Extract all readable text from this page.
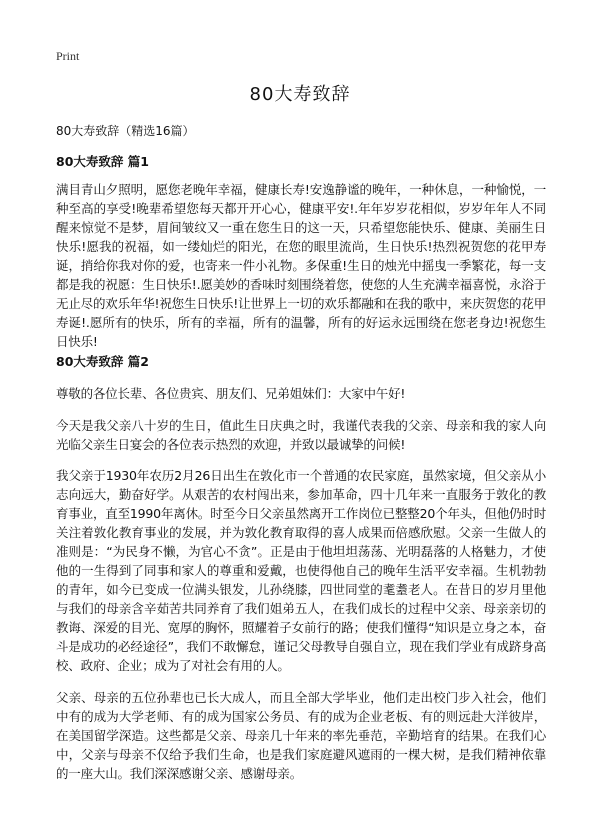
Print
80大寿致辞
80大寿致辞（精选16篇）
80大寿致辞 篇1
满目青山夕照明，愿您老晚年幸福，健康长寿!安逸静谧的晚年，一种休息，一种愉悦，一种至高的享受!晚辈希望您每天都开开心心，健康平安!.年年岁岁花相似，岁岁年年人不同醒来惊觉不是梦，眉间皱纹又一重在您生日的这一天，只希望您能快乐、健康、美丽生日快乐!愿我的祝福，如一缕灿烂的阳光，在您的眼里流尚，生日快乐!热烈祝贺您的花甲寿诞，捎给你我对你的爱，也寄来一件小礼物。多保重!生日的烛光中摇曳一季繁花，每一支都是我的祝愿：生日快乐!.愿美妙的香味时刻围绕着您，使您的人生充满幸福喜悦，永浴于无止尽的欢乐年华!祝您生日快乐!让世界上一切的欢乐都融和在我的歌中，来庆贺您的花甲寿诞!.愿所有的快乐，所有的幸福，所有的温馨，所有的好运永远围绕在您老身边!祝您生日快乐!
80大寿致辞 篇2
尊敬的各位长辈、各位贵宾、朋友们、兄弟姐妹们：大家中午好!
今天是我父亲八十岁的生日，值此生日庆典之时，我谨代表我的父亲、母亲和我的家人向光临父亲生日宴会的各位表示热烈的欢迎，并致以最诚挚的问候!
我父亲于1930年农历2月26日出生在敦化市一个普通的农民家庭，虽然家境，但父亲从小志向远大，勤奋好学。从艰苦的农村闯出来，参加革命，四十几年来一直服务于敦化的教育事业，直至1990年离休。时至今日父亲虽然离开工作岗位已整整20个年头，但他仍时时关注着敦化教育事业的发展，并为敦化教育取得的喜人成果而倍感欣慰。父亲一生做人的准则是：“为民身不懒，为官心不贪”。正是由于他坦坦荡荡、光明磊落的人格魅力，才使他的一生得到了同事和家人的尊重和爱戴，也使得他自己的晚年生活平安幸福。生机勃勃的青年，如今已变成一位满头银发，儿孙绕膝，四世同堂的耄耋老人。在昔日的岁月里他与我们的母亲含辛茹苦共同养育了我们姐弟五人，在我们成长的过程中父亲、母亲亲切的教诲、深爱的目光、宽厚的胸怀，照耀着子女前行的路；使我们懂得“知识是立身之本，奋斗是成功的必经途径”，我们不敢懈怠，谨记父母教导自强自立，现在我们学业有成跻身高校、政府、企业；成为了对社会有用的人。
父亲、母亲的五位孙辈也已长大成人，而且全部大学毕业，他们走出校门步入社会，他们中有的成为大学老师、有的成为国家公务员、有的成为企业老板、有的则远赴大洋彼岸，在美国留学深造。这些都是父亲、母亲几十年来的率先垂范，辛勤培育的结果。在我们心中，父亲与母亲不仅给予我们生命，也是我们家庭避风遮雨的一棵大树，是我们精神依靠的一座大山。我们深深感谢父亲、感谢母亲。
